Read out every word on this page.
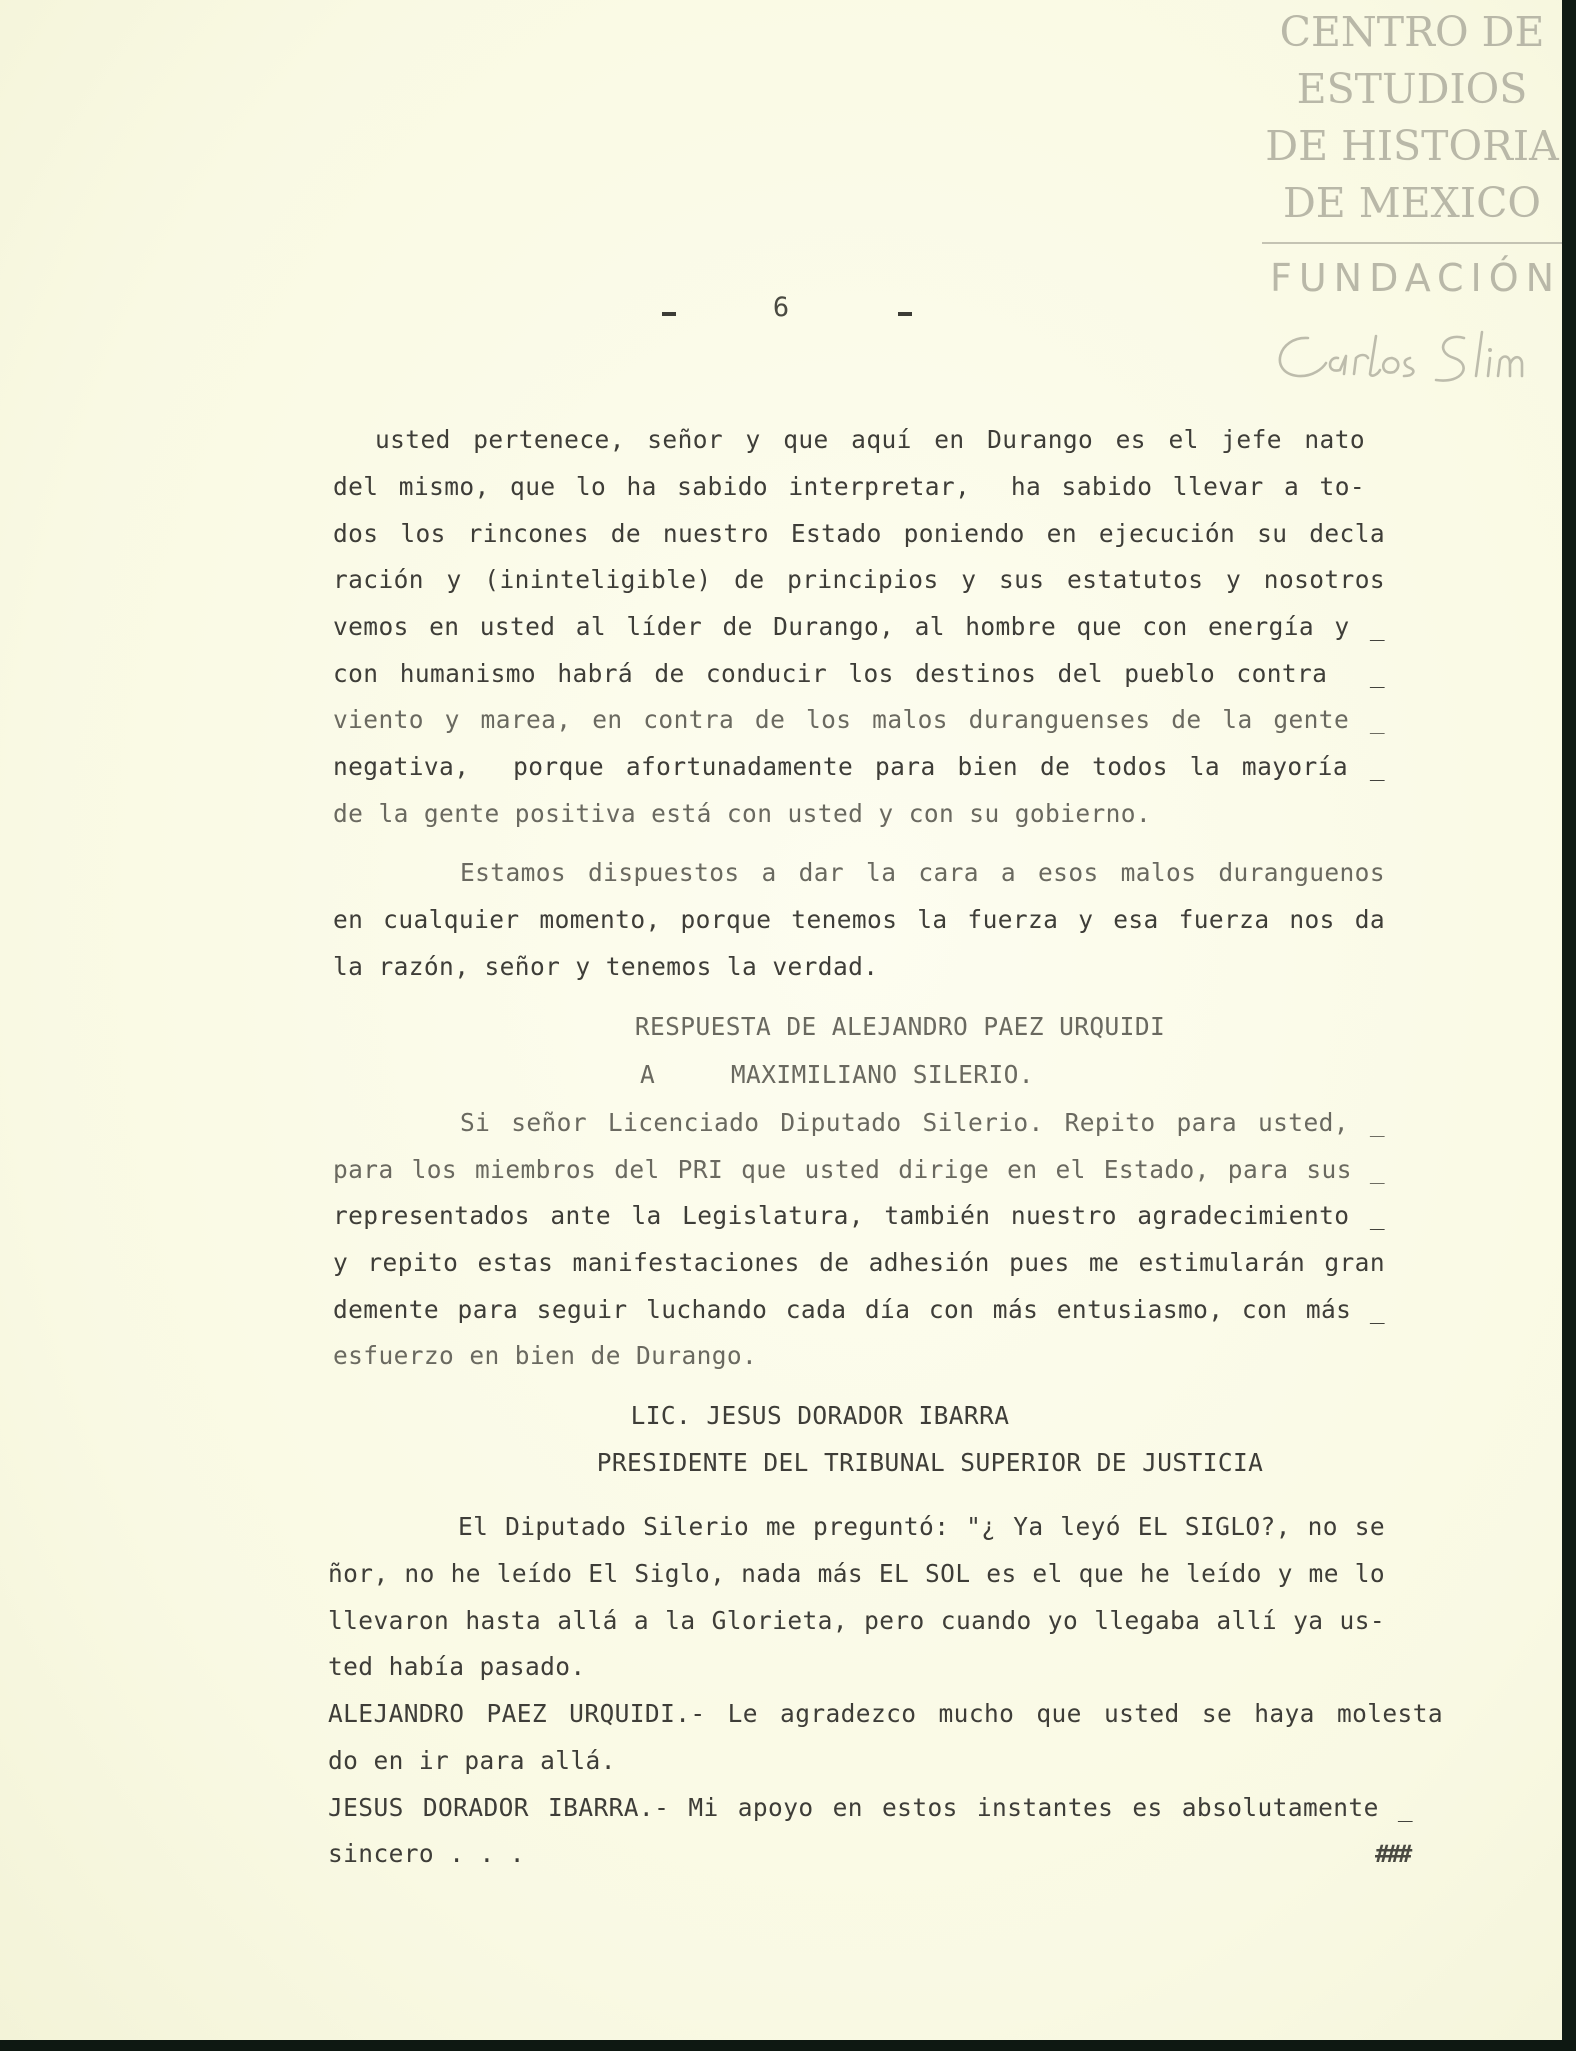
CENTRO DE
ESTUDIOS
DE HISTORIA
DE MEXICO
FUNDACIÓN
6
usted pertenece, señor y que aquí en Durango es el jefe nato
del mismo, que lo ha sabido interpretar,  ha sabido llevar a to-
dos los rincones de nuestro Estado poniendo en ejecución su decla
ración y (ininteligible) de principios y sus estatutos y nosotros
vemos en usted al líder de Durango, al hombre que con energía y _
con humanismo habrá de conducir los destinos del pueblo contra  _
viento y marea, en contra de los malos duranguenses de la gente _
negativa,  porque afortunadamente para bien de todos la mayoría _
de la gente positiva está con usted y con su gobierno.
Estamos dispuestos a dar la cara a esos malos duranguenos
en cualquier momento, porque tenemos la fuerza y esa fuerza nos da
la razón, señor y tenemos la verdad.
RESPUESTA DE ALEJANDRO PAEZ URQUIDI
A     MAXIMILIANO SILERIO.
Si señor Licenciado Diputado Silerio. Repito para usted, _
para los miembros del PRI que usted dirige en el Estado, para sus _
representados ante la Legislatura, también nuestro agradecimiento _
y repito estas manifestaciones de adhesión pues me estimularán gran
demente para seguir luchando cada día con más entusiasmo, con más _
esfuerzo en bien de Durango.
LIC. JESUS DORADOR IBARRA
PRESIDENTE DEL TRIBUNAL SUPERIOR DE JUSTICIA
El Diputado Silerio me preguntó: "¿ Ya leyó EL SIGLO?, no se
ñor, no he leído El Siglo, nada más EL SOL es el que he leído y me lo
llevaron hasta allá a la Glorieta, pero cuando yo llegaba allí ya us-
ted había pasado.
ALEJANDRO PAEZ URQUIDI.- Le agradezco mucho que usted se haya molesta
do en ir para allá.
JESUS DORADOR IBARRA.- Mi apoyo en estos instantes es absolutamente _
sincero . . .	###
